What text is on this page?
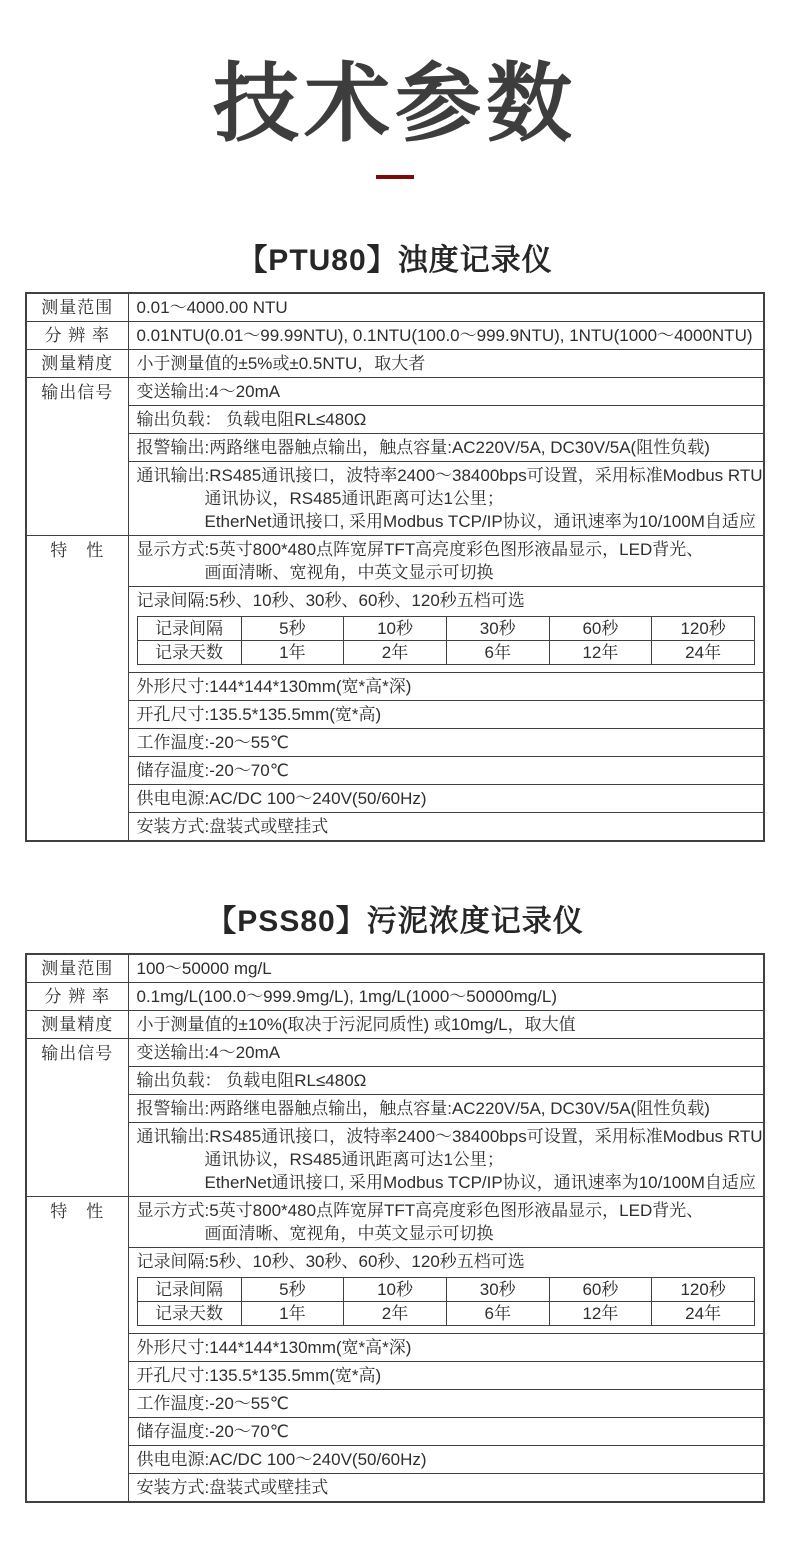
技术参数
【PTU80】浊度记录仪
测量范围	0.01～4000.00 NTU
分 辨 率	0.01NTU(0.01～99.99NTU), 0.1NTU(100.0～999.9NTU), 1NTU(1000～4000NTU)
测量精度	小于测量值的±5%或±0.5NTU，取大者
输出信号	变送输出:4～20mA
输出负载： 负载电阻RL≤480Ω
报警输出:两路继电器触点输出，触点容量:AC220V/5A, DC30V/5A(阻性负载)

通讯输出:RS485通讯接口，波特率2400～38400bps可设置，采用标准Modbus RTU
通讯协议，RS485通讯距离可达1公里；
EtherNet通讯接口, 采用Modbus TCP/IP协议，通讯速率为10/100M自适应

特　性	显示方式:5英寸800*480点阵宽屏TFT高亮度彩色图形液晶显示，LED背光、
画面清晰、宽视角，中英文显示可切换

记录间隔:5秒、10秒、30秒、60秒、120秒五档可选
记录间隔	5秒	10秒	30秒	60秒	120秒
记录天数	1年	2年	6年	12年	24年

外形尺寸:144*144*130mm(宽*高*深)
开孔尺寸:135.5*135.5mm(宽*高)
工作温度:-20～55℃
储存温度:-20～70℃
供电电源:AC/DC 100～240V(50/60Hz)
安装方式:盘装式或壁挂式
【PSS80】污泥浓度记录仪
测量范围	100～50000 mg/L
分 辨 率	0.1mg/L(100.0～999.9mg/L), 1mg/L(1000～50000mg/L)
测量精度	小于测量值的±10%(取决于污泥同质性) 或10mg/L，取大值
输出信号	变送输出:4～20mA
输出负载： 负载电阻RL≤480Ω
报警输出:两路继电器触点输出，触点容量:AC220V/5A, DC30V/5A(阻性负载)

通讯输出:RS485通讯接口，波特率2400～38400bps可设置，采用标准Modbus RTU
通讯协议，RS485通讯距离可达1公里；
EtherNet通讯接口, 采用Modbus TCP/IP协议，通讯速率为10/100M自适应

特　性	显示方式:5英寸800*480点阵宽屏TFT高亮度彩色图形液晶显示，LED背光、
画面清晰、宽视角，中英文显示可切换

记录间隔:5秒、10秒、30秒、60秒、120秒五档可选
记录间隔	5秒	10秒	30秒	60秒	120秒
记录天数	1年	2年	6年	12年	24年

外形尺寸:144*144*130mm(宽*高*深)
开孔尺寸:135.5*135.5mm(宽*高)
工作温度:-20～55℃
储存温度:-20～70℃
供电电源:AC/DC 100～240V(50/60Hz)
安装方式:盘装式或壁挂式
